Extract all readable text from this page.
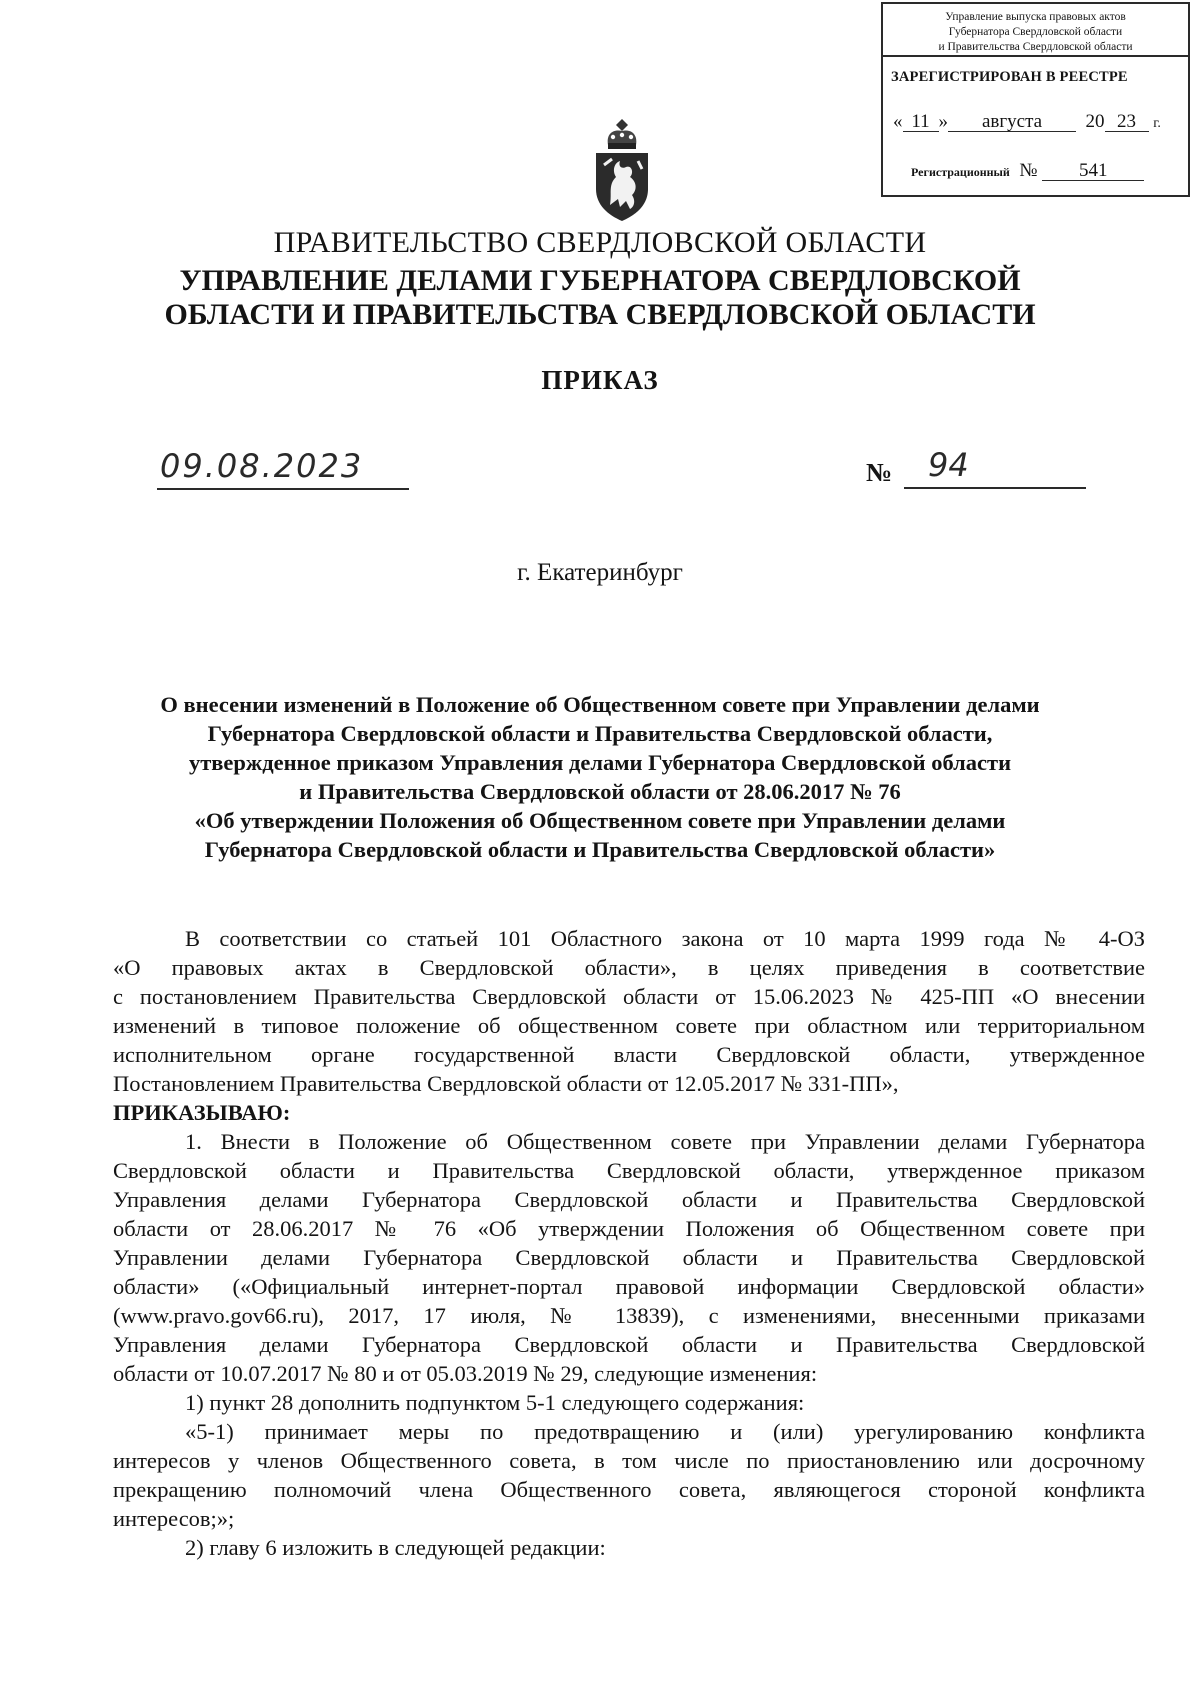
Управление выпуска правовых актов
Губернатора Свердловской области
и Правительства Свердловской области
ЗАРЕГИСТРИРОВАН В РЕЕСТРЕ
« 11 » августа 20 23 г.
Регистрационный № 541
ПРАВИТЕЛЬСТВО СВЕРДЛОВСКОЙ ОБЛАСТИ
УПРАВЛЕНИЕ ДЕЛАМИ ГУБЕРНАТОРА СВЕРДЛОВСКОЙ
ОБЛАСТИ И ПРАВИТЕЛЬСТВА СВЕРДЛОВСКОЙ ОБЛАСТИ
ПРИКАЗ
09.08.2023	№ 94
г. Екатеринбург
О внесении изменений в Положение об Общественном совете при Управлении делами
Губернатора Свердловской области и Правительства Свердловской области,
утвержденное приказом Управления делами Губернатора Свердловской области
и Правительства Свердловской области от 28.06.2017 № 76
«Об утверждении Положения об Общественном совете при Управлении делами
Губернатора Свердловской области и Правительства Свердловской области»
В соответствии со статьей 101 Областного закона от 10 марта 1999 года № 4-ОЗ
«О правовых актах в Свердловской области», в целях приведения в соответствие
с постановлением Правительства Свердловской области от 15.06.2023 № 425-ПП «О внесении
изменений в типовое положение об общественном совете при областном или территориальном
исполнительном органе государственной власти Свердловской области, утвержденное
Постановлением Правительства Свердловской области от 12.05.2017 № 331-ПП»,
ПРИКАЗЫВАЮ:
1. Внести в Положение об Общественном совете при Управлении делами Губернатора
Свердловской области и Правительства Свердловской области, утвержденное приказом
Управления делами Губернатора Свердловской области и Правительства Свердловской
области от 28.06.2017 № 76 «Об утверждении Положения об Общественном совете при
Управлении делами Губернатора Свердловской области и Правительства Свердловской
области» («Официальный интернет-портал правовой информации Свердловской области»
(www.pravo.gov66.ru), 2017, 17 июля, № 13839), с изменениями, внесенными приказами
Управления делами Губернатора Свердловской области и Правительства Свердловской
области от 10.07.2017 № 80 и от 05.03.2019 № 29, следующие изменения:
1) пункт 28 дополнить подпунктом 5-1 следующего содержания:
«5-1) принимает меры по предотвращению и (или) урегулированию конфликта
интересов у членов Общественного совета, в том числе по приостановлению или досрочному
прекращению полномочий члена Общественного совета, являющегося стороной конфликта
интересов;»;
2) главу 6 изложить в следующей редакции:
